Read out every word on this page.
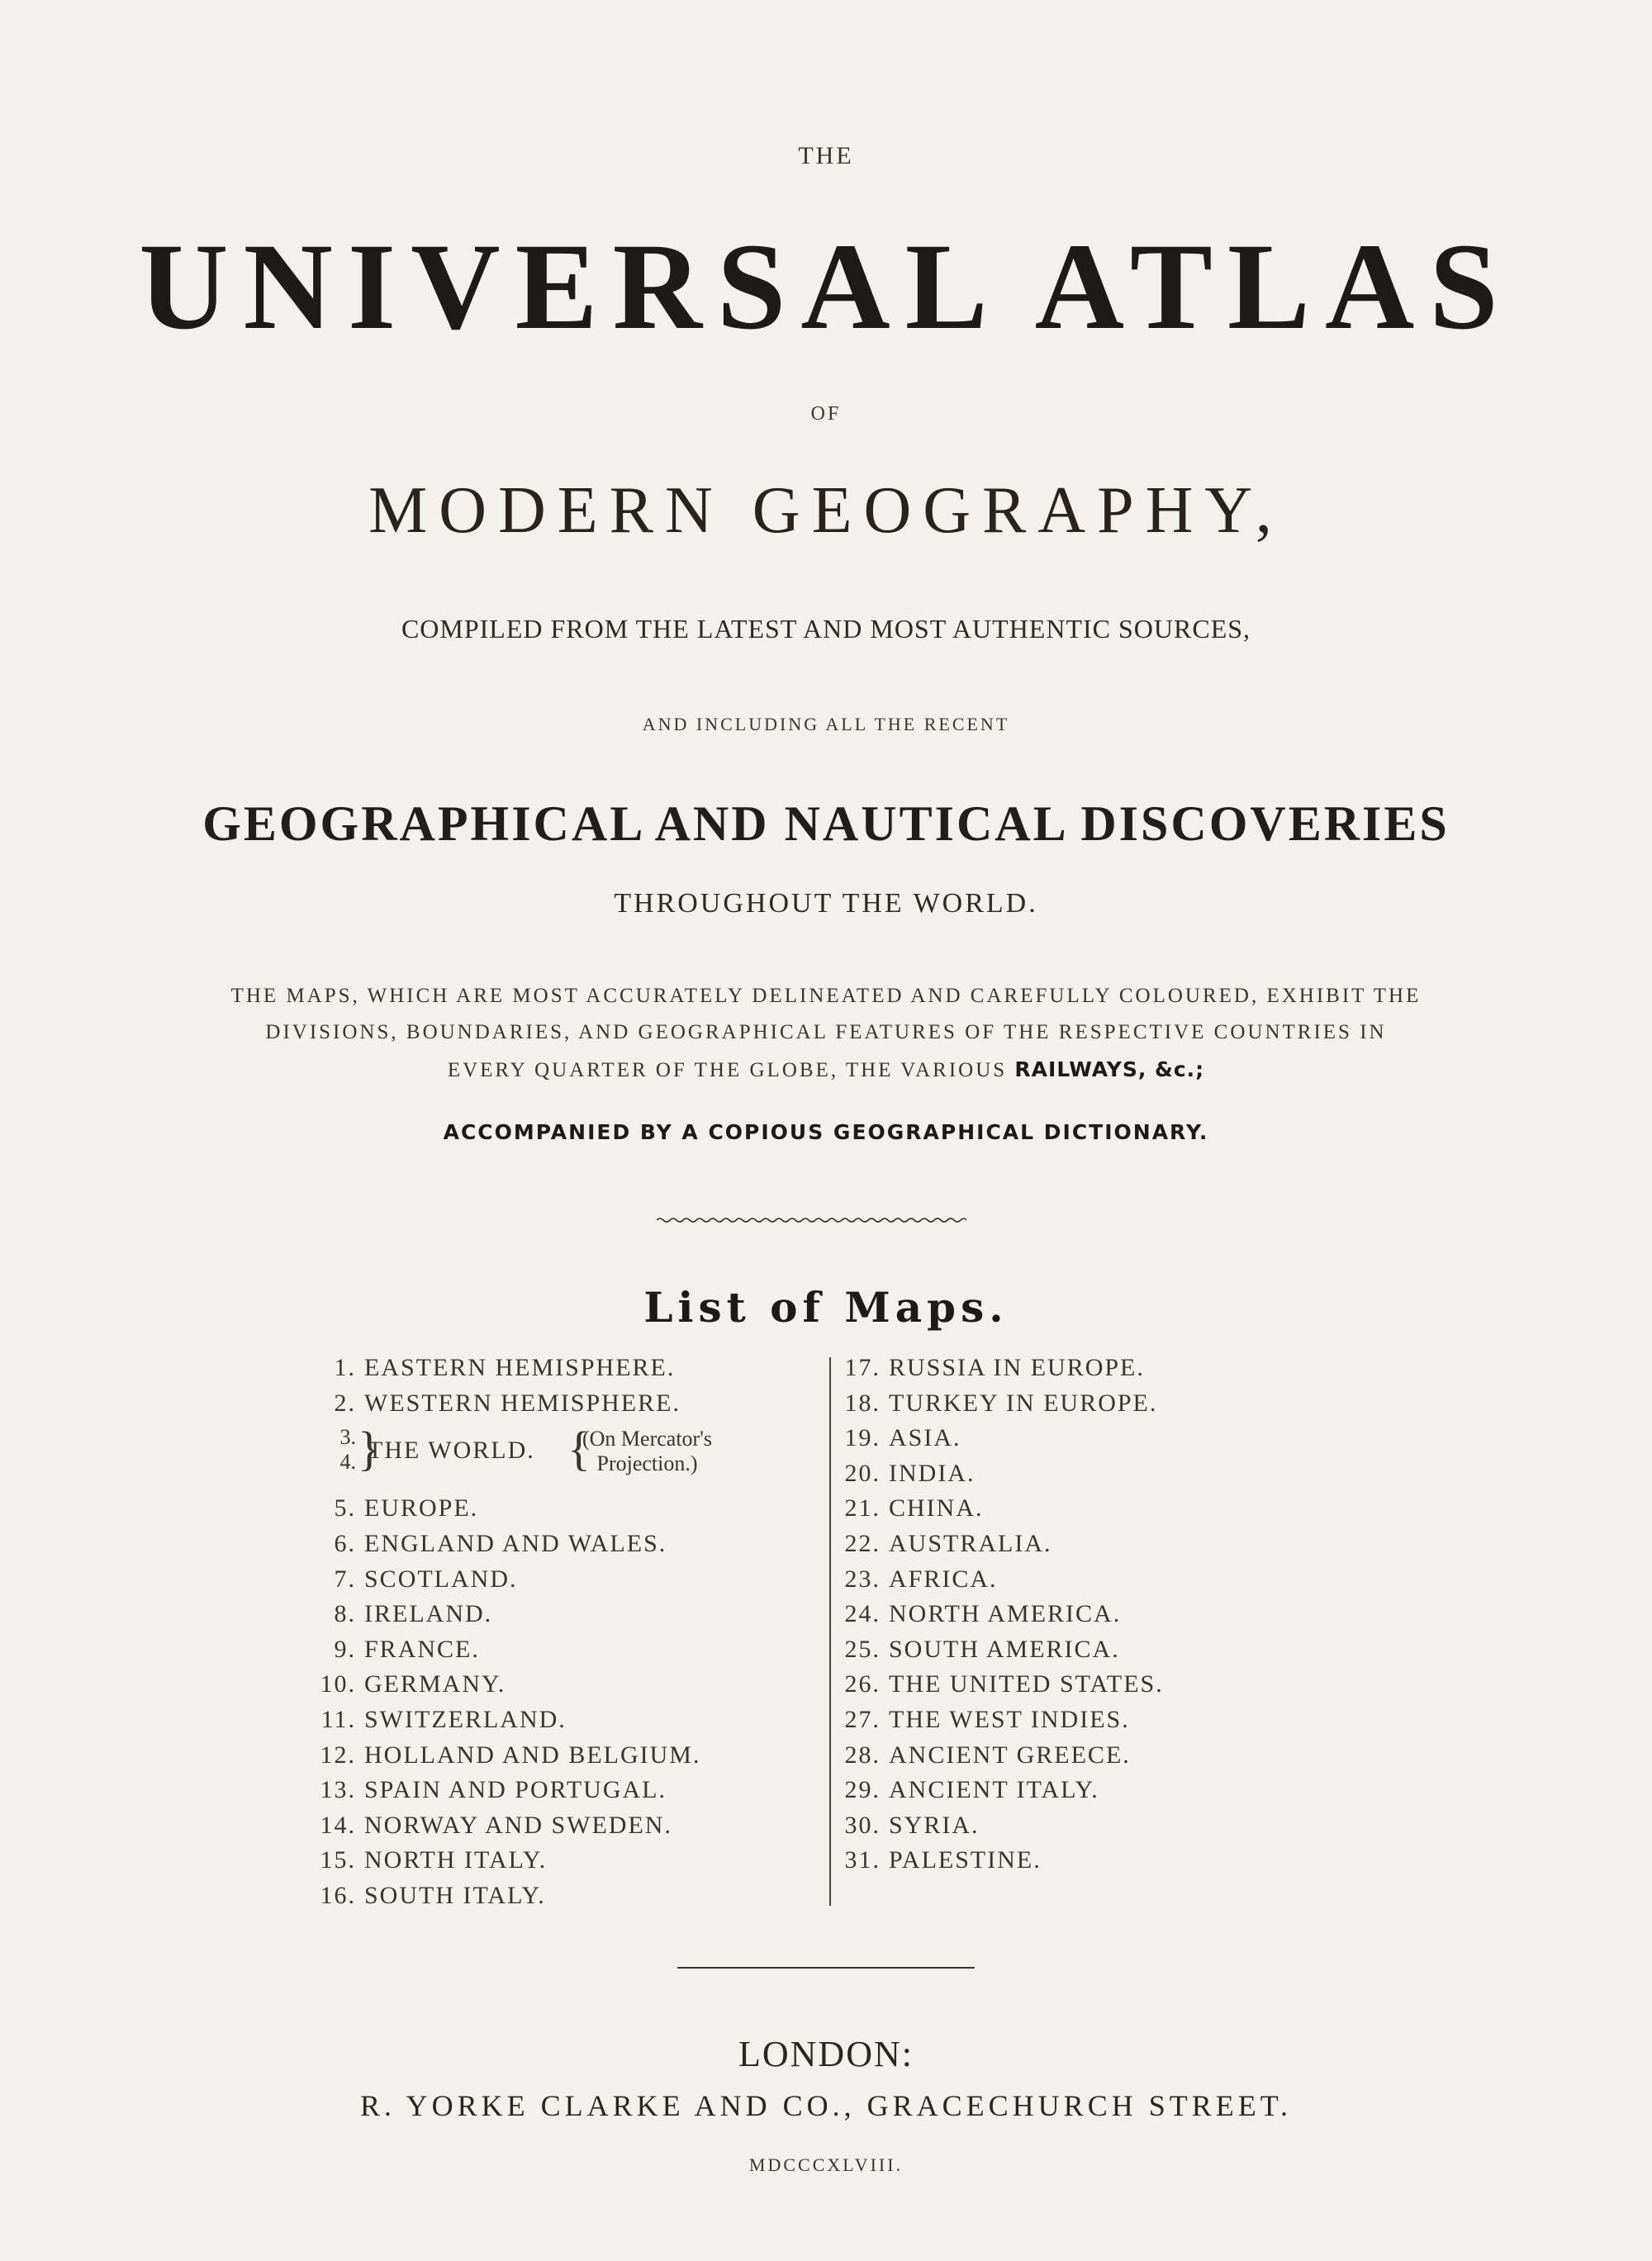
THE
UNIVERSAL ATLAS
OF
MODERN GEOGRAPHY,
COMPILED FROM THE LATEST AND MOST AUTHENTIC SOURCES,
AND INCLUDING ALL THE RECENT
GEOGRAPHICAL AND NAUTICAL DISCOVERIES
THROUGHOUT THE WORLD.
THE MAPS, WHICH ARE MOST ACCURATELY DELINEATED AND CAREFULLY COLOURED, EXHIBIT THE
DIVISIONS, BOUNDARIES, AND GEOGRAPHICAL FEATURES OF THE RESPECTIVE COUNTRIES IN
EVERY QUARTER OF THE GLOBE, THE VARIOUS RAILWAYS, &c.;
ACCOMPANIED BY A COPIOUS GEOGRAPHICAL DICTIONARY.
List of Maps.
1. EASTERN HEMISPHERE.
2. WESTERN HEMISPHERE.
5. EUROPE.
6. ENGLAND AND WALES.
7. SCOTLAND.
8. IRELAND.
9. FRANCE.
10. GERMANY.
11. SWITZERLAND.
12. HOLLAND AND BELGIUM.
13. SPAIN AND PORTUGAL.
14. NORWAY AND SWEDEN.
15. NORTH ITALY.
16. SOUTH ITALY.
3.
4. }
THE WORLD. {
(On Mercator's
Projection.)
17. RUSSIA IN EUROPE.
18. TURKEY IN EUROPE.
19. ASIA.
20. INDIA.
21. CHINA.
22. AUSTRALIA.
23. AFRICA.
24. NORTH AMERICA.
25. SOUTH AMERICA.
26. THE UNITED STATES.
27. THE WEST INDIES.
28. ANCIENT GREECE.
29. ANCIENT ITALY.
30. SYRIA.
31. PALESTINE.
LONDON:
R. YORKE CLARKE AND CO., GRACECHURCH STREET.
MDCCCXLVIII.
